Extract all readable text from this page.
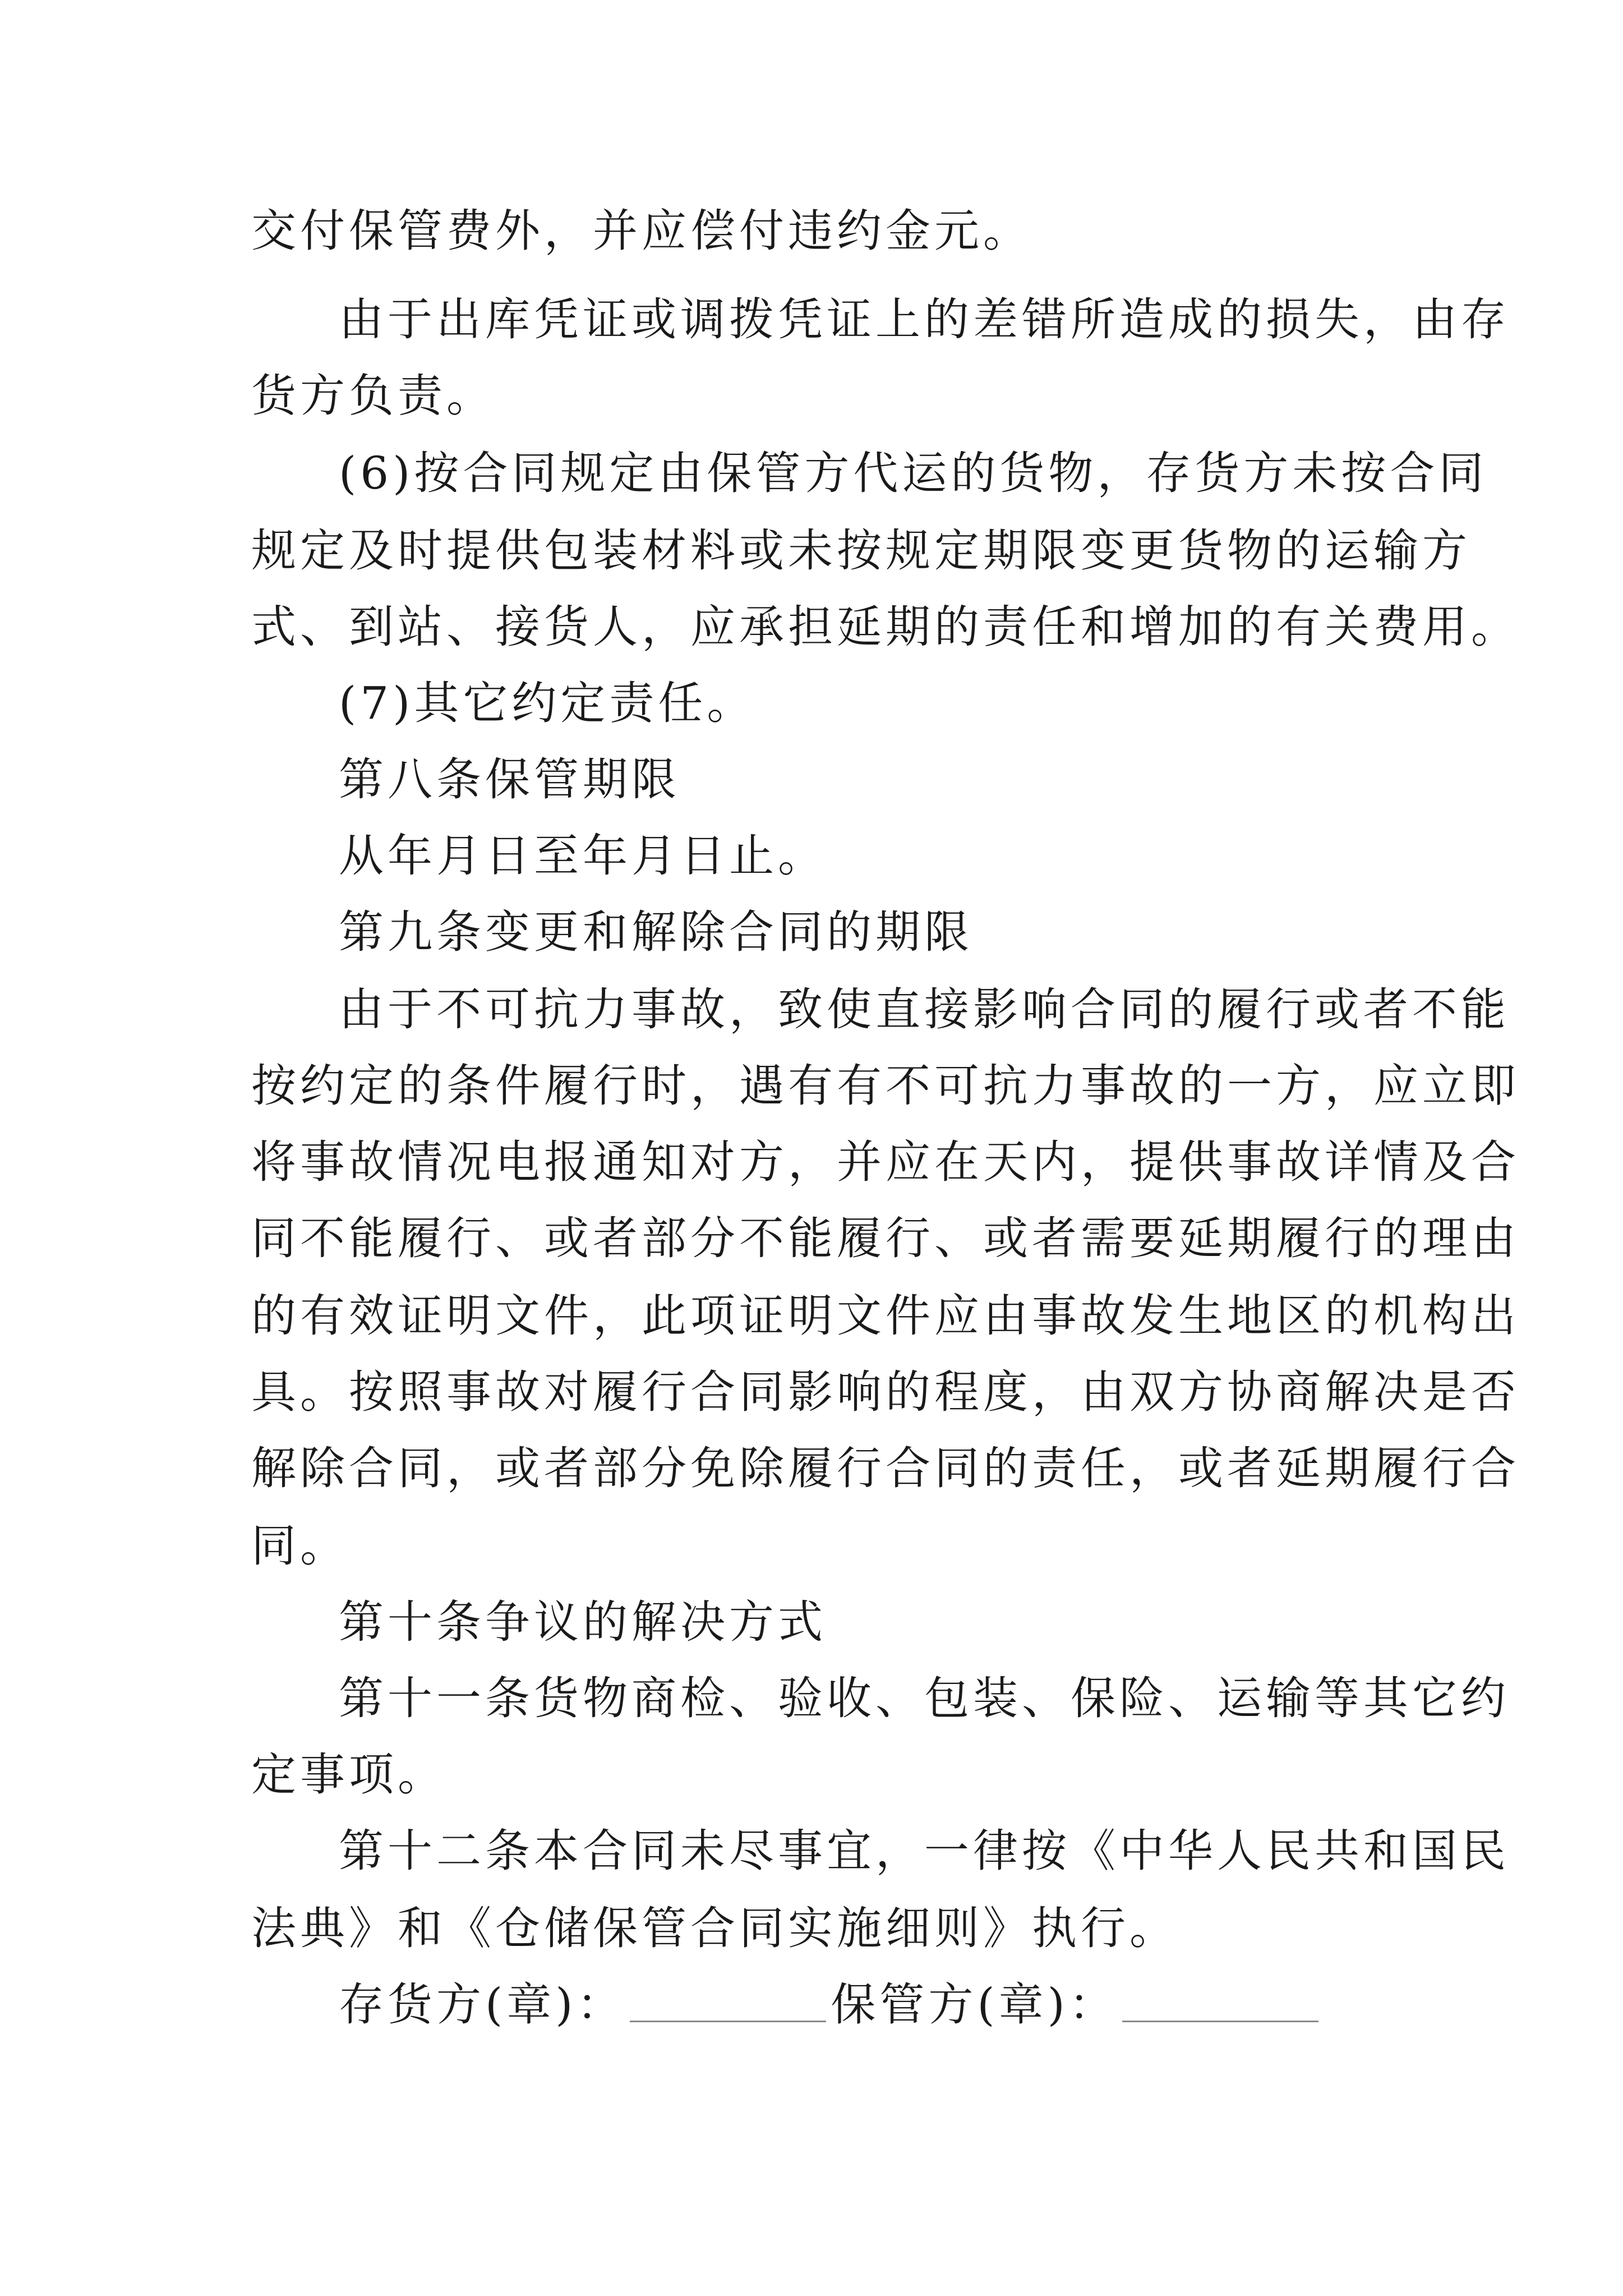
交付保管费外，并应偿付违约金元。
由于出库凭证或调拨凭证上的差错所造成的损失，由存
货方负责。
(6)按合同规定由保管方代运的货物，存货方未按合同
规定及时提供包装材料或未按规定期限变更货物的运输方
式、到站、接货人，应承担延期的责任和增加的有关费用。
(7)其它约定责任。
第八条保管期限
从年月日至年月日止。
第九条变更和解除合同的期限
由于不可抗力事故，致使直接影响合同的履行或者不能
按约定的条件履行时，遇有有不可抗力事故的一方，应立即
将事故情况电报通知对方，并应在天内，提供事故详情及合
同不能履行、或者部分不能履行、或者需要延期履行的理由
的有效证明文件，此项证明文件应由事故发生地区的机构出
具。按照事故对履行合同影响的程度，由双方协商解决是否
解除合同，或者部分免除履行合同的责任，或者延期履行合
同。
第十条争议的解决方式
第十一条货物商检、验收、包装、保险、运输等其它约
定事项。
第十二条本合同未尽事宜，一律按《中华人民共和国民
法典》和《仓储保管合同实施细则》执行。
存货方(章)：	保管方(章)：
